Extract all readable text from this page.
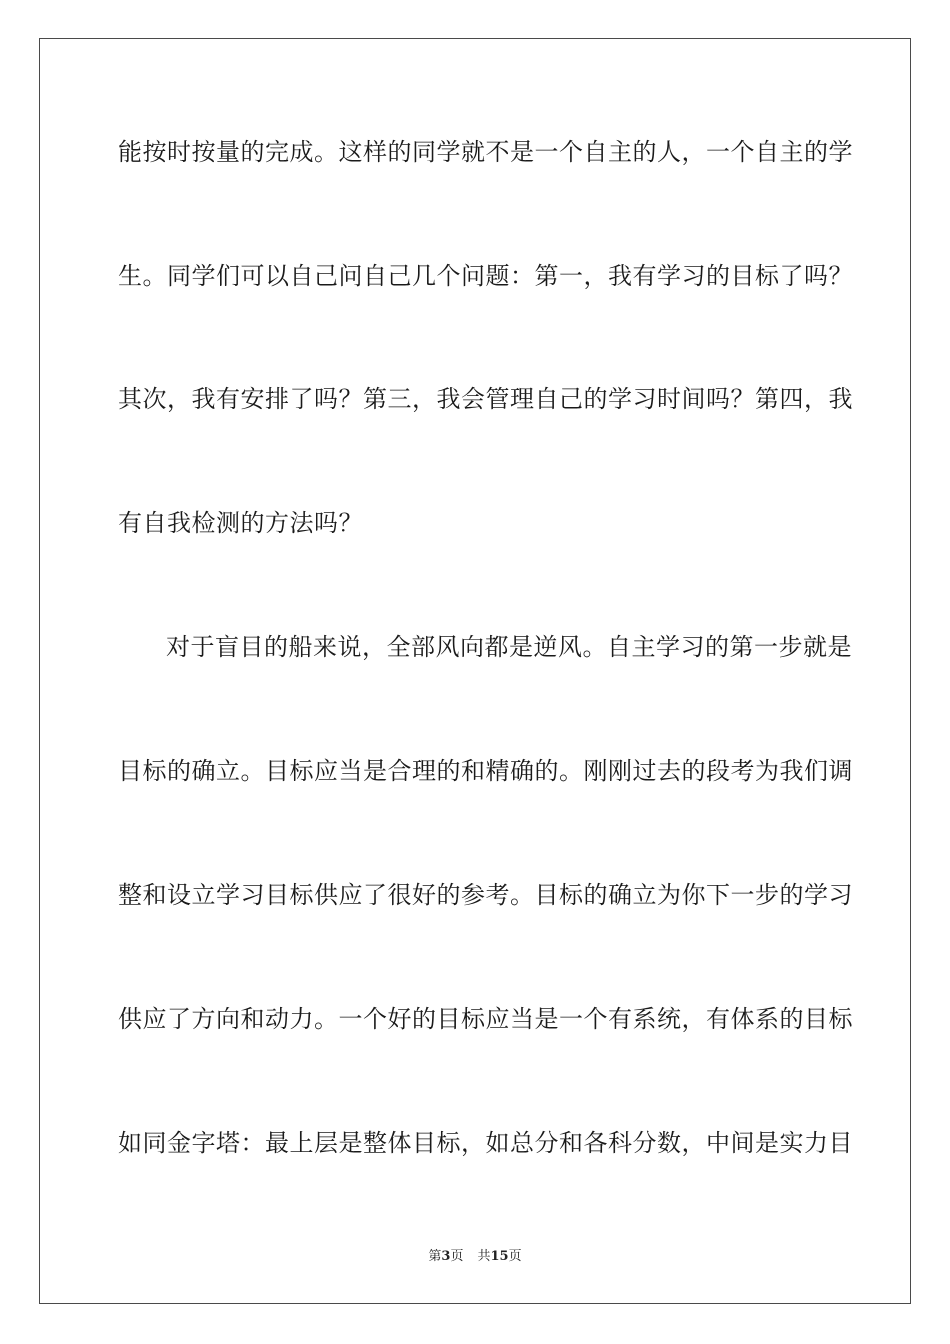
能按时按量的完成。这样的同学就不是一个自主的人，一个自主的学
生。同学们可以自己问自己几个问题：第一，我有学习的目标了吗？
其次，我有安排了吗？第三，我会管理自己的学习时间吗？第四，我
有自我检测的方法吗？
对于盲目的船来说，全部风向都是逆风。自主学习的第一步就是
目标的确立。目标应当是合理的和精确的。刚刚过去的段考为我们调
整和设立学习目标供应了很好的参考。目标的确立为你下一步的学习
供应了方向和动力。一个好的目标应当是一个有系统，有体系的目标
如同金字塔：最上层是整体目标，如总分和各科分数，中间是实力目
第3页 共15页
